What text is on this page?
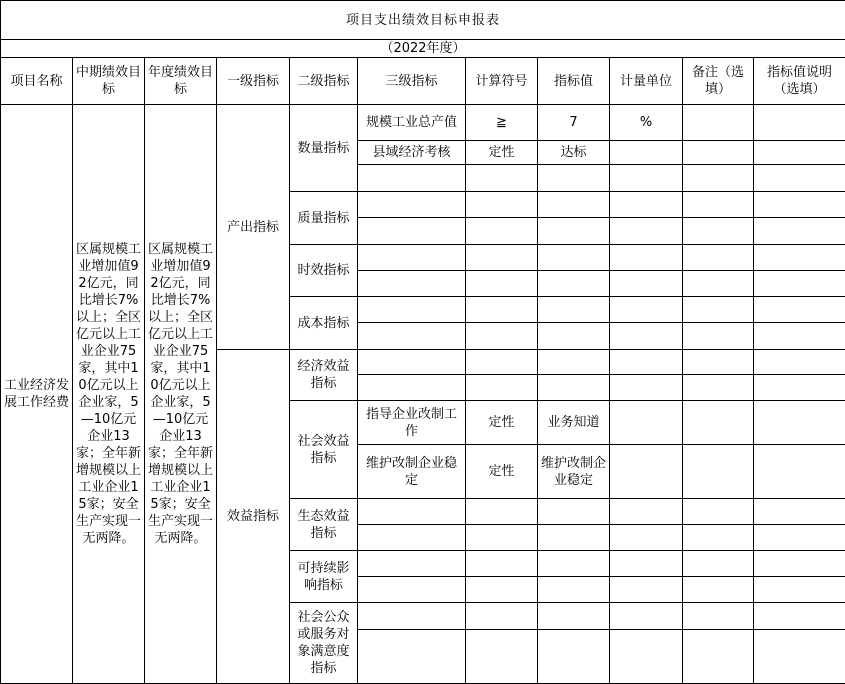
项目支出绩效目标申报表										
（2022年度）										
项目名称	中期绩效目标	年度绩效目标	一级指标	二级指标	三级指标	计算符号	指标值	计量单位	备注（选填）	指标值说明（选填）
工业经济发展工作经费	区属规模工业增加值92亿元，同比增长7%以上；全区亿元以上工业企业75家，其中10亿元以上企业家，5—10亿元企业13家；全年新增规模以上工业企业15家；安全生产实现一无两降。	区属规模工业增加值92亿元，同比增长7%以上；全区亿元以上工业企业75家，其中10亿元以上企业家，5—10亿元企业13家；全年新增规模以上工业企业15家；安全生产实现一无两降。	产出指标	数量指标	规模工业总产值	≧	7	%		
					县域经济考核	定性	达标			

				质量指标						

				时效指标						

				成本指标						

			效益指标	经济效益指标						

				社会效益指标	指导企业改制工作	定性	业务知道			
					维护改制企业稳定	定性	维护改制企业稳定			
				生态效益指标						

				可持续影响指标						

				社会公众或服务对象满意度指标						
